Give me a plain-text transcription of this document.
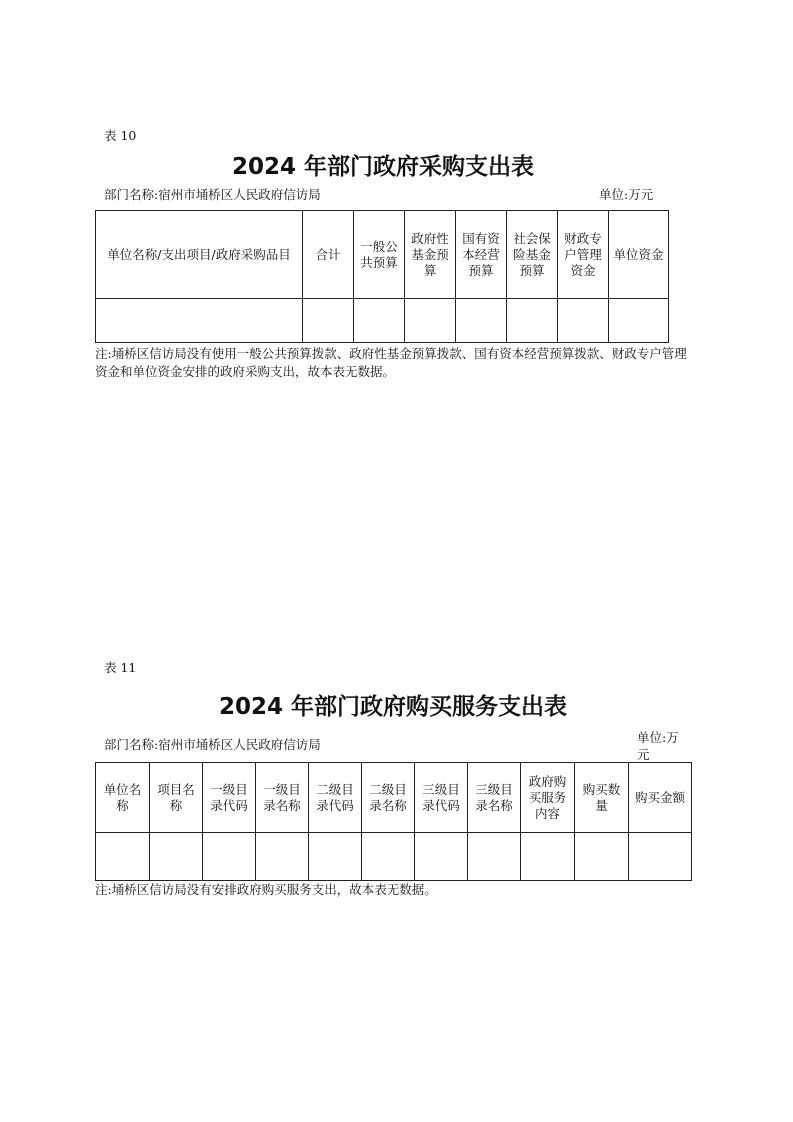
表 10
2024 年部门政府采购支出表
部门名称:宿州市埇桥区人民政府信访局	单位:万元
单位名称/支出项目/政府采购品目	合计	一般公共预算	政府性基金预算	国有资本经营预算	社会保险基金预算	财政专户管理资金	单位资金

注:埇桥区信访局没有使用一般公共预算拨款、政府性基金预算拨款、国有资本经营预算拨款、财政专户管理资金和单位资金安排的政府采购支出，故本表无数据。
表 11
2024 年部门政府购买服务支出表
部门名称:宿州市埇桥区人民政府信访局	单位:万元
单位名称	项目名称	一级目录代码	一级目录名称	二级目录代码	二级目录名称	三级目录代码	三级目录名称	政府购买服务内容	购买数量	购买金额

注:埇桥区信访局没有安排政府购买服务支出，故本表无数据。
